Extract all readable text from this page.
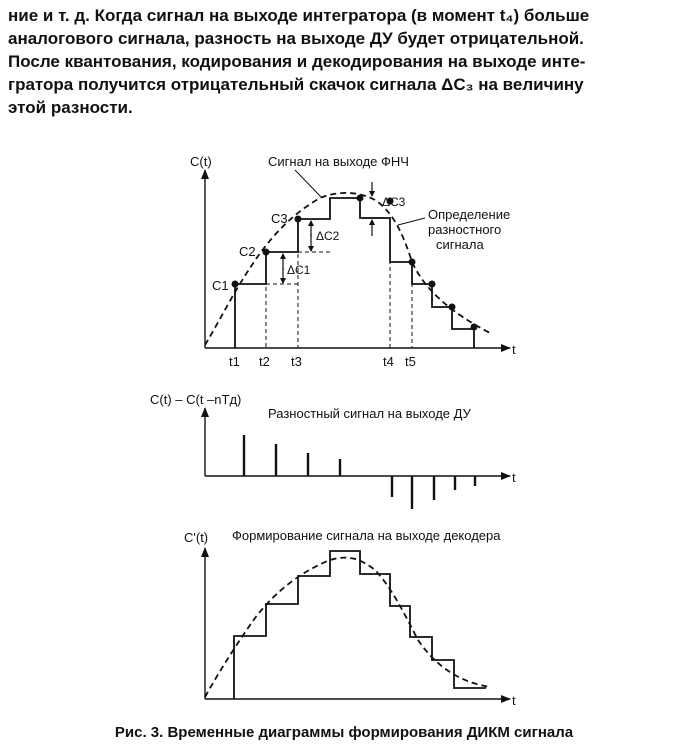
ние и т. д. Когда сигнал на выходе интегратора (в момент t₄) больше

аналогового сигнала, разность на выходе ДУ будет отрицательной.

После квантования, кодирования и декодирования на выходе инте-

гратора получится отрицательный скачок сигнала ΔC₃ на величину

этой разности.

C(t)
t
Сигнал на выходе ФНЧ
Определение
разностного
сигнала
C1
C2
C3
ΔC1
ΔC2
ΔC3
t1 t2 t3	t4 t5
C(t) – C(t –nTд)
t
Разностный сигнал на выходе ДУ
C'(t)
t
Формирование сигнала на выходе декодера
Рис. 3. Временные диаграммы формирования ДИКМ сигнала
